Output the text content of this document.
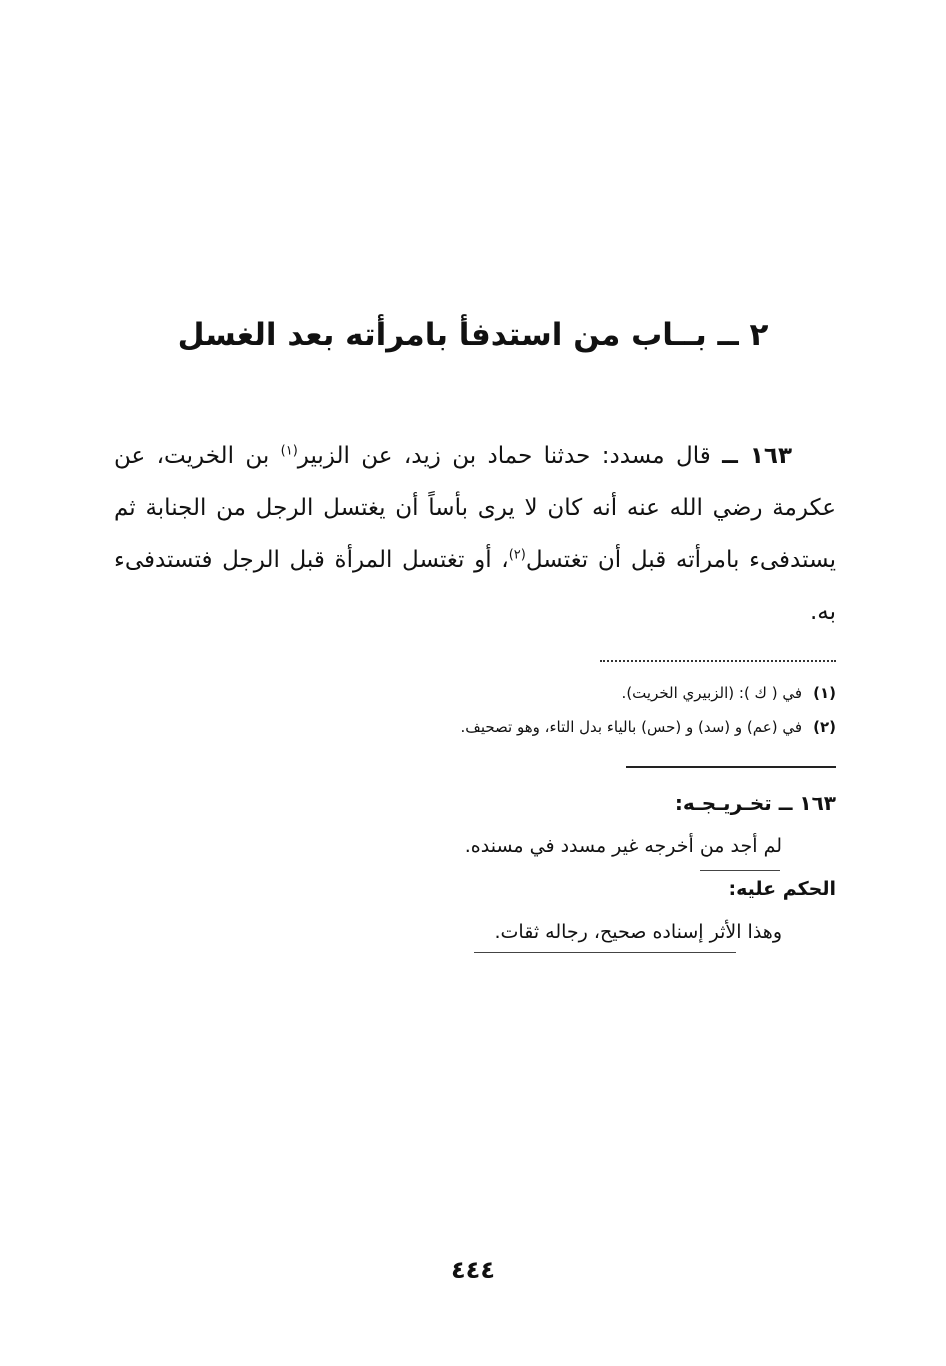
٢ ــ بــاب من استدفأ بامرأته بعد الغسل

١٦٣ ــ قال مسدد: حدثنا حماد بن زيد، عن الزبير$^{(١)}$ بن الخريت، عن عكرمة رضي الله عنه أنه كان لا يرى بأساً أن يغتسل الرجل من الجنابة ثم يستدفىء بامرأته قبل أن تغتسل$^{(٢)}$، أو تغتسل المرأة قبل الرجل فتستدفىء به.

(١)في ( ك ): (الزبيري الخريت).
(٢)في (عم) و (سد) و (حس) بالياء بدل التاء، وهو تصحيف.
١٦٣ ــ تخـريـجـه:

لم أجد من أخرجه غير مسدد في مسنده.

الحكم عليه:

وهذا الأثر إسناده صحيح، رجاله ثقات.

٤٤٤
